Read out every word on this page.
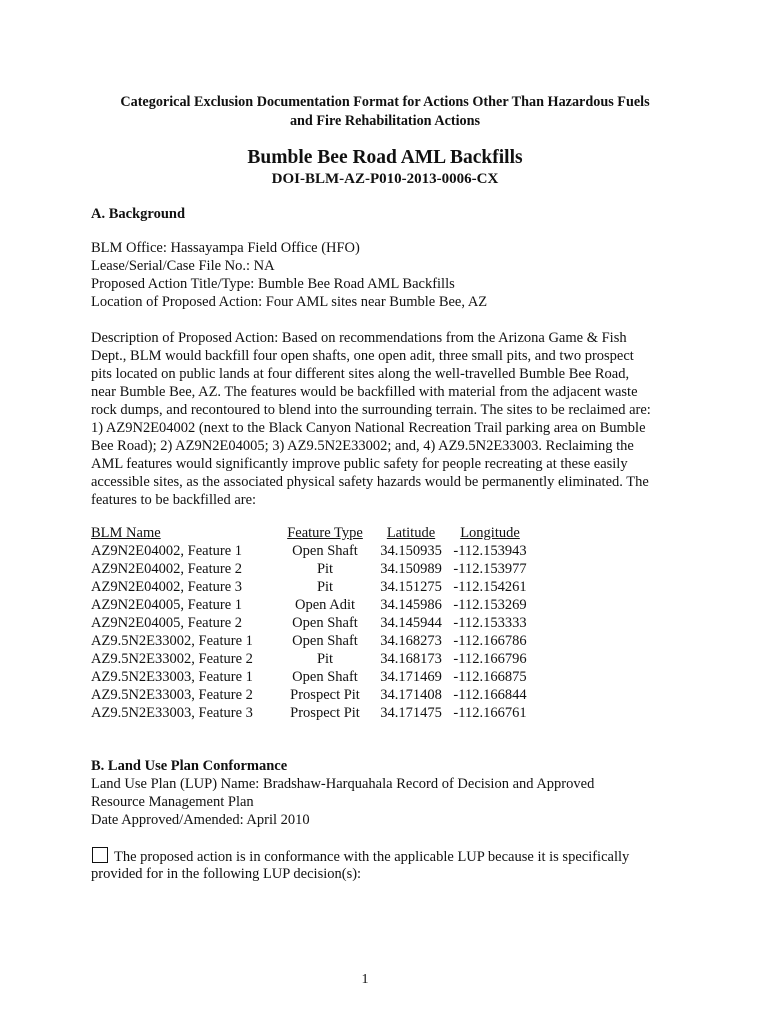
Categorical Exclusion Documentation Format for Actions Other Than Hazardous Fuels
and Fire Rehabilitation Actions
Bumble Bee Road AML Backfills
DOI-BLM-AZ-P010-2013-0006-CX
A. Background
BLM Office: Hassayampa Field Office (HFO)
Lease/Serial/Case File No.: NA
Proposed Action Title/Type: Bumble Bee Road AML Backfills
Location of Proposed Action: Four AML sites near Bumble Bee, AZ
Description of Proposed Action: Based on recommendations from the Arizona Game & Fish
Dept., BLM would backfill four open shafts, one open adit, three small pits, and two prospect
pits located on public lands at four different sites along the well-travelled Bumble Bee Road,
near Bumble Bee, AZ. The features would be backfilled with material from the adjacent waste
rock dumps, and recontoured to blend into the surrounding terrain. The sites to be reclaimed are:
1) AZ9N2E04002 (next to the Black Canyon National Recreation Trail parking area on Bumble
Bee Road); 2) AZ9N2E04005; 3) AZ9.5N2E33002; and, 4) AZ9.5N2E33003. Reclaiming the
AML features would significantly improve public safety for people recreating at these easily
accessible sites, as the associated physical safety hazards would be permanently eliminated. The
features to be backfilled are:
BLM Name	Feature Type	Latitude	Longitude
AZ9N2E04002, Feature 1	Open Shaft	34.150935	-112.153943
AZ9N2E04002, Feature 2	Pit	34.150989	-112.153977
AZ9N2E04002, Feature 3	Pit	34.151275	-112.154261
AZ9N2E04005, Feature 1	Open Adit	34.145986	-112.153269
AZ9N2E04005, Feature 2	Open Shaft	34.145944	-112.153333
AZ9.5N2E33002, Feature 1	Open Shaft	34.168273	-112.166786
AZ9.5N2E33002, Feature 2	Pit	34.168173	-112.166796
AZ9.5N2E33003, Feature 1	Open Shaft	34.171469	-112.166875
AZ9.5N2E33003, Feature 2	Prospect Pit	34.171408	-112.166844
AZ9.5N2E33003, Feature 3	Prospect Pit	34.171475	-112.166761
B. Land Use Plan Conformance
Land Use Plan (LUP) Name: Bradshaw-Harquahala Record of Decision and Approved
Resource Management Plan
Date Approved/Amended: April 2010
The proposed action is in conformance with the applicable LUP because it is specifically
provided for in the following LUP decision(s):
1
